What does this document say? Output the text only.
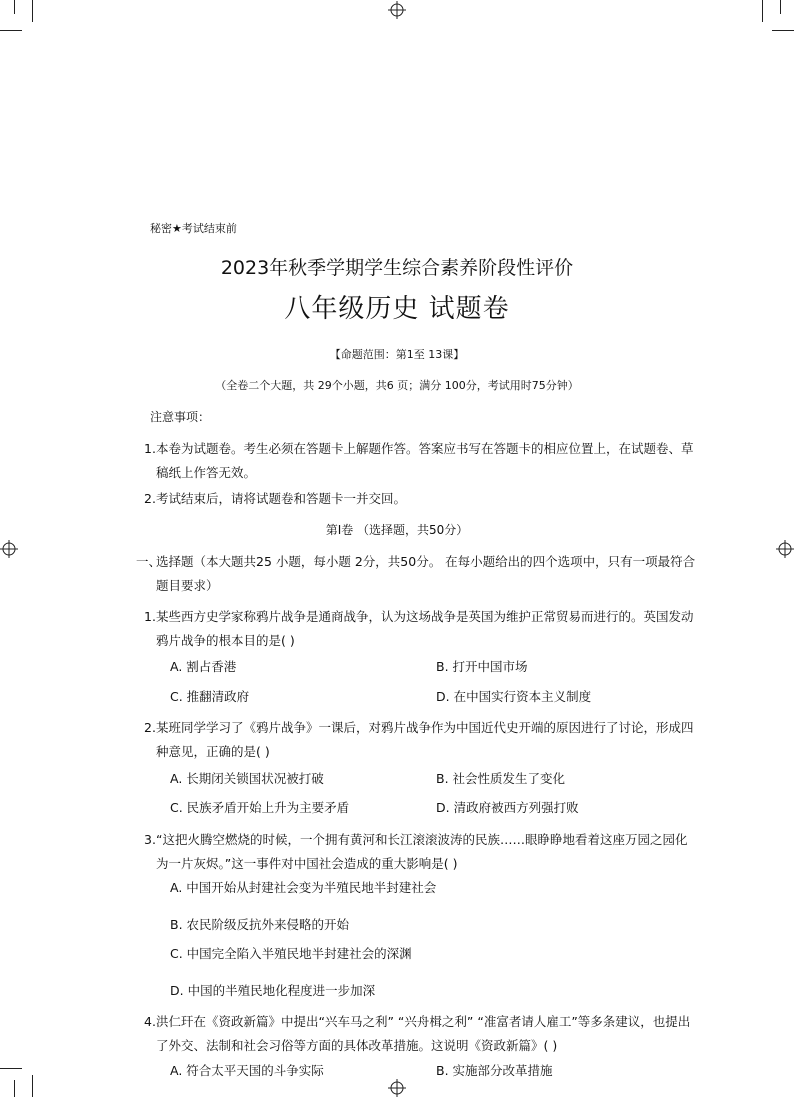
秘密★考试结束前
2023年秋季学期学生综合素养阶段性评价
八年级历史 试题卷
【命题范围：第1至 13课】
（全卷二个大题，共 29个小题，共6 页；满分 100分，考试用时75分钟）
注意事项：
1. 本卷为试题卷。考生必须在答题卡上解题作答。答案应书写在答题卡的相应位置上，在试题卷、草稿纸上作答无效。
2. 考试结束后，请将试题卷和答题卡一并交回。
第Ⅰ卷 （选择题，共50分）
一、
选择题（本大题共25 小题，每小题 2分，共50分。 在每小题给出的四个选项中，只有一项最符合题目要求）
1. 某些西方史学家称鸦片战争是通商战争，认为这场战争是英国为维护正常贸易而进行的。英国发动鸦片战争的根本目的是( )
A. 割占香港	B. 打开中国市场
C. 推翻清政府	D. 在中国实行资本主义制度
2. 某班同学学习了《鸦片战争》一课后，对鸦片战争作为中国近代史开端的原因进行了讨论，形成四种意见，正确的是( )
A. 长期闭关锁国状况被打破	B. 社会性质发生了变化
C. 民族矛盾开始上升为主要矛盾	D. 清政府被西方列强打败
3. “这把火腾空燃烧的时候，一个拥有黄河和长江滚滚波涛的民族……眼睁睁地看着这座万园之园化为一片灰烬。”这一事件对中国社会造成的重大影响是( )
A. 中国开始从封建社会变为半殖民地半封建社会
B. 农民阶级反抗外来侵略的开始
C. 中国完全陷入半殖民地半封建社会的深渊
D. 中国的半殖民地化程度进一步加深
4. 洪仁玕在《资政新篇》中提出“兴车马之利” “兴舟楫之利” “准富者请人雇工”等多条建议，也提出了外交、法制和社会习俗等方面的具体改革措施。这说明《资政新篇》( )
A. 符合太平天国的斗争实际	B. 实施部分改革措施
